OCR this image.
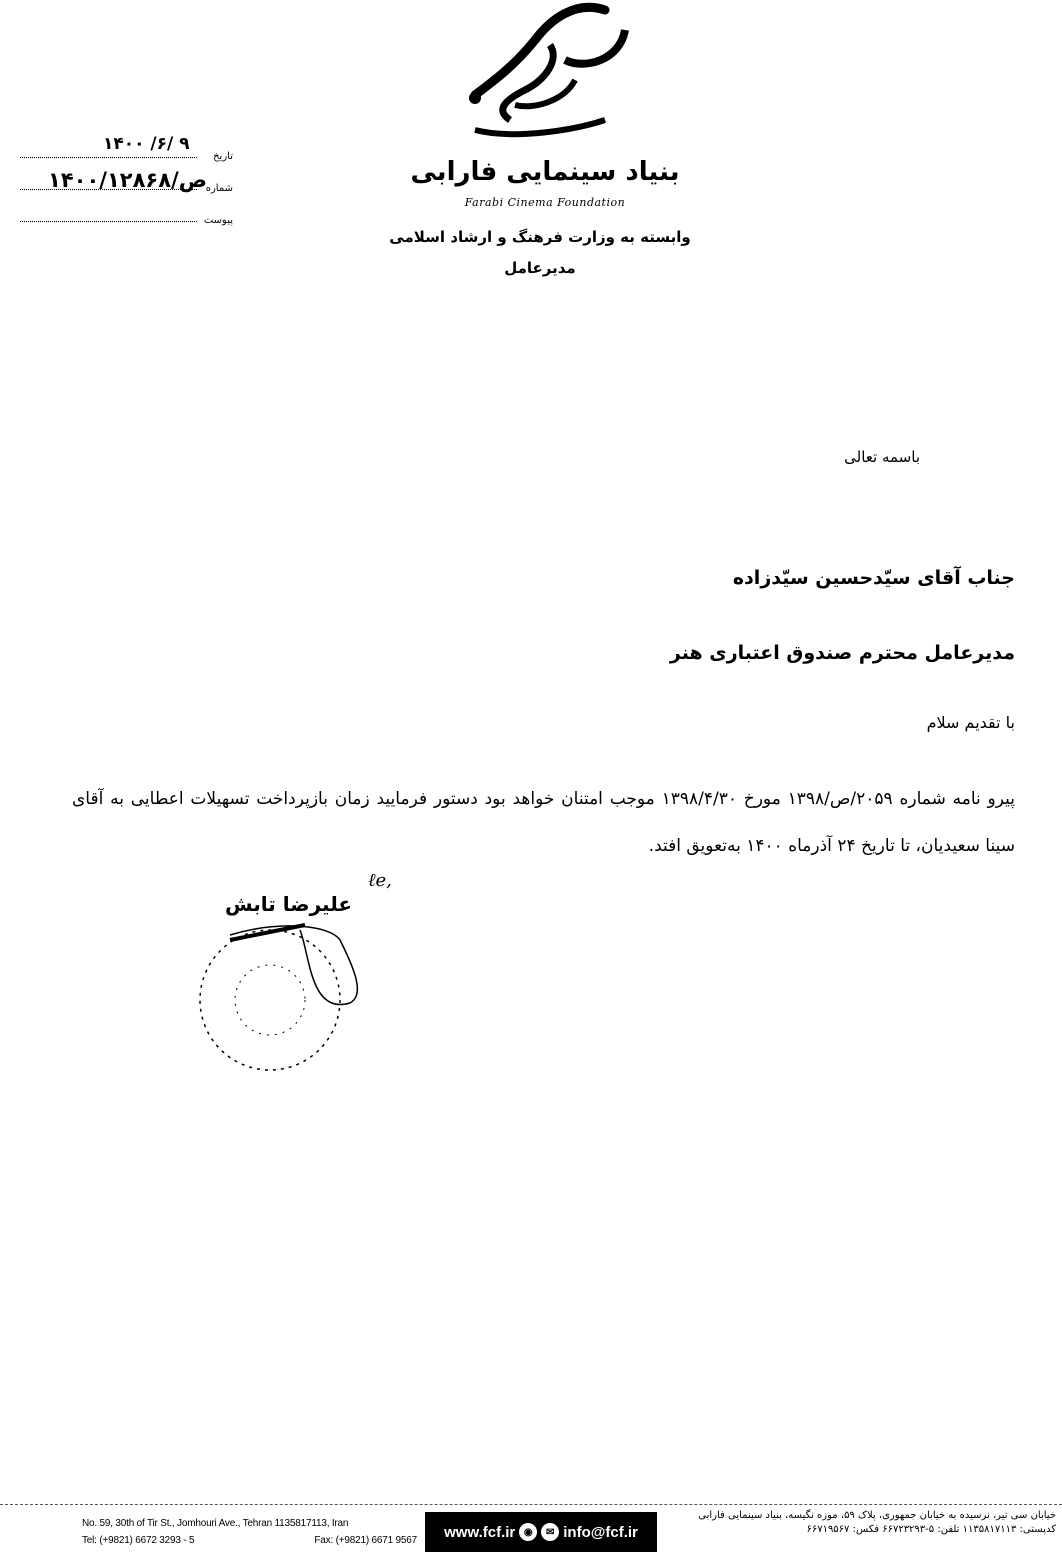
بنیاد سینمایی فارابی
Farabi Cinema Foundation
وابسته به وزارت فرهنگ و ارشاد اسلامی
مدیرعامل
تاریخ
۱۴۰۰ /۶/ ۹
شماره
۱۴۰۰/ص/۱۲۸۶۸
پیوست
باسمه تعالی
جناب آقای سیّدحسین سیّدزاده
مدیرعامل محترم صندوق اعتباری هنر
با تقدیم سلام
پیرو نامه شماره ۲۰۵۹/ص/۱۳۹۸ مورخ ۱۳۹۸/۴/۳۰ موجب امتنان خواهد بود دستور فرمایید زمان بازپرداخت تسهیلات اعطایی به آقای سینا سعیدیان، تا تاریخ ۲۴ آذرماه ۱۴۰۰ به‌تعویق افتد.
علیرضا تابش
ℓe,
No. 59, 30th of Tir St., Jomhouri Ave., Tehran 1135817113, Iran
Tel: (+9821) 6672 3293 - 5	Fax: (+9821) 6671 9567 www.fcf.ir ◉	✉ info@fcf.ir
خیابان سی تیر، نرسیده به خیابان جمهوری، پلاک ۵۹، موزه نگیسه، بنیاد سینمایی فارابی
کدپستی: ۱۱۳۵۸۱۷۱۱۳ تلفن: ۵-۶۶۷۲۳۲۹۳ فکس: ۶۶۷۱۹۵۶۷
